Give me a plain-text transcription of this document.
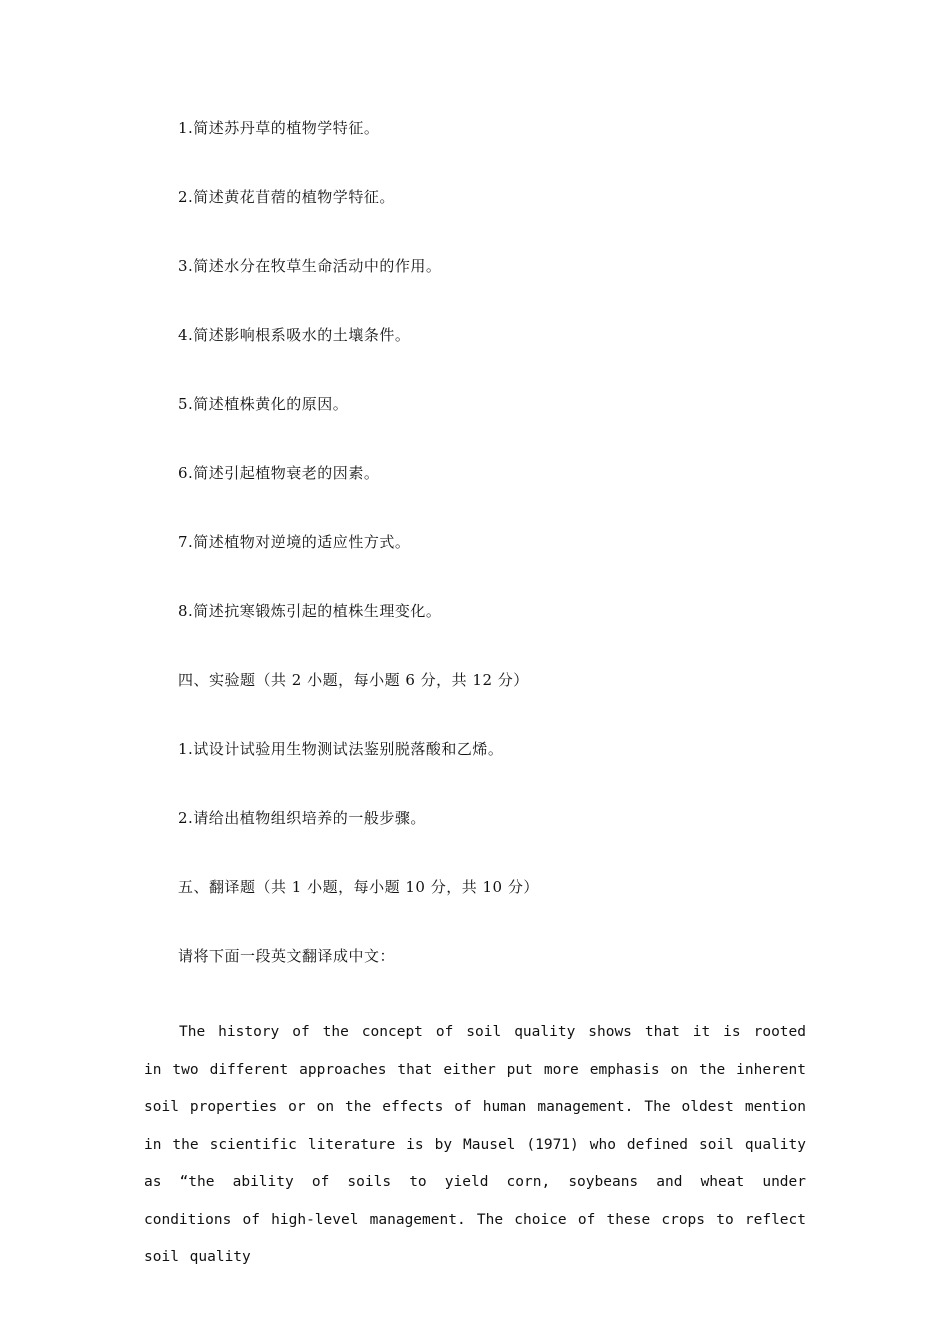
1.简述苏丹草的植物学特征。
2.简述黄花苜蓿的植物学特征。
3.简述水分在牧草生命活动中的作用。
4.简述影响根系吸水的土壤条件。
5.简述植株黄化的原因。
6.简述引起植物衰老的因素。
7.简述植物对逆境的适应性方式。
8.简述抗寒锻炼引起的植株生理变化。
四、实验题（共 2 小题，每小题 6 分，共 12 分）
1.试设计试验用生物测试法鉴别脱落酸和乙烯。
2.请给出植物组织培养的一般步骤。
五、翻译题（共 1 小题，每小题 10 分，共 10 分）
请将下面一段英文翻译成中文：
The history of the concept of soil quality shows that it is rooted in two different approaches that either put more emphasis on the inherent soil properties or on the effects of human management. The oldest mention in the scientific literature is by Mausel (1971) who defined soil quality as “the ability of soils to yield corn, soybeans and wheat under conditions of high-level management. The choice of these crops to reflect soil quality
